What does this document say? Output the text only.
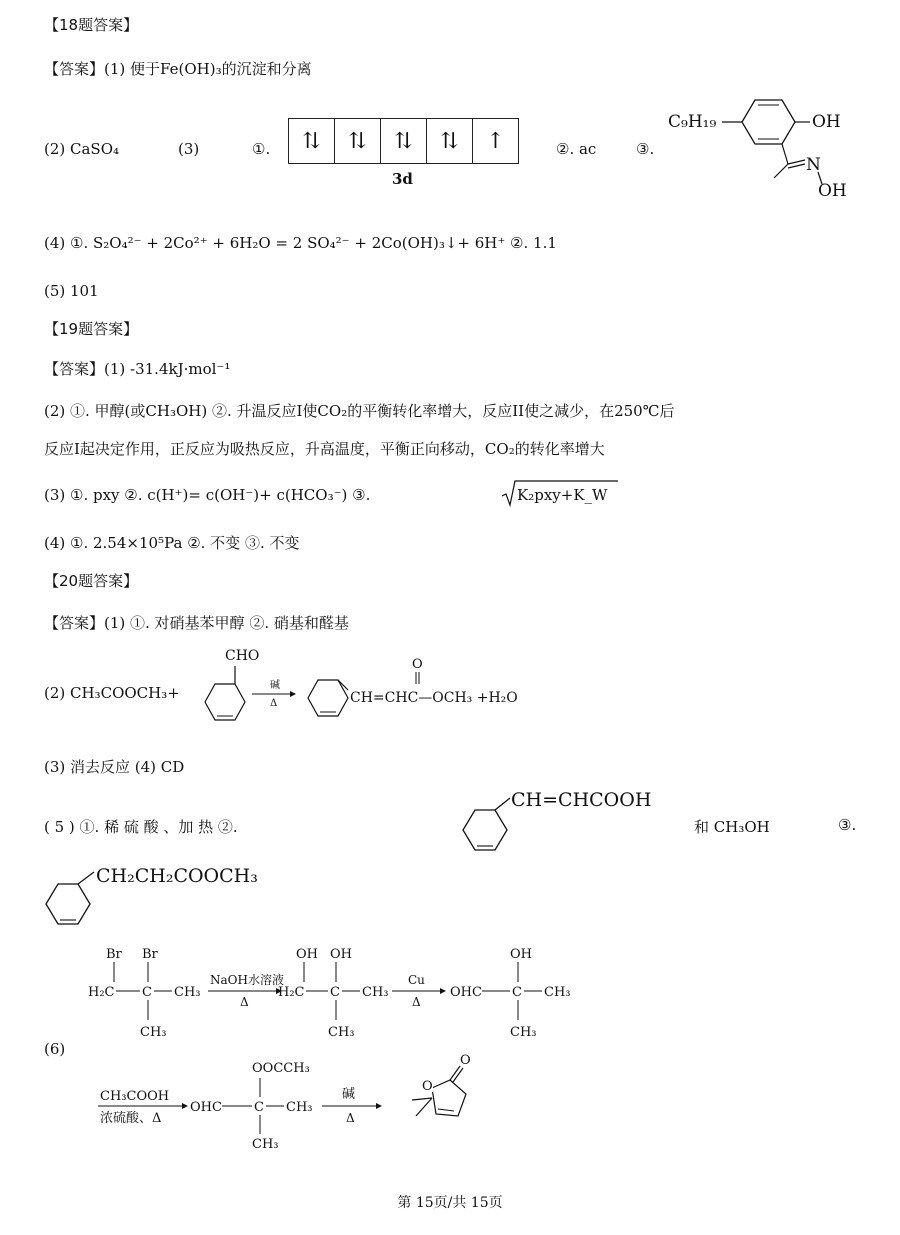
【18题答案】
【答案】(1) 便于Fe(OH)₃的沉淀和分离
(2) CaSO₄	(3)	①.	⇅	⇅	⇅	⇅	↑
3d
②. ac	③.
C₉H₁₉	OH
N
OH
(4) ①. S₂O₄²⁻ + 2Co²⁺ + 6H₂O = 2 SO₄²⁻ + 2Co(OH)₃↓+ 6H⁺ ②. 1.1
(5) 101
【19题答案】
【答案】(1) -31.4kJ·mol⁻¹
(2) ①. 甲醇(或CH₃OH) ②. 升温反应I使CO₂的平衡转化率增大，反应II使之减少，在250℃后
反应I起决定作用，正反应为吸热反应，升高温度，平衡正向移动，CO₂的转化率增大
(3) ①. pxy ②. c(H⁺)= c(OH⁻)+ c(HCO₃⁻) ③.	K₂pxy+K_W
(4) ①. 2.54×10⁵Pa ②. 不变 ③. 不变
【20题答案】
【答案】(1) ①. 对硝基苯甲醇 ②. 硝基和醛基
(2) CH₃COOCH₃+
CHO
碱
Δ
O
CH=CHC—OCH₃ +H₂O
(3) 消去反应 (4) CD
( 5 ) ①. 稀 硫 酸 、加 热 ②.
CH=CHCOOH
和 CH₃OH	③.
CH₂CH₂COOCH₃
Br Br
H₂C C CH₃
CH₃
NaOH水溶液
Δ
OH OH
H₂C C CH₃
CH₃
Cu
Δ
OHC C
OH
CH₃
CH₃
CH₃COOH
浓硫酸、Δ
OHC C
OOCCH₃
CH₃
CH₃
碱
Δ
O
O
(6)
第 15页/共 15页
